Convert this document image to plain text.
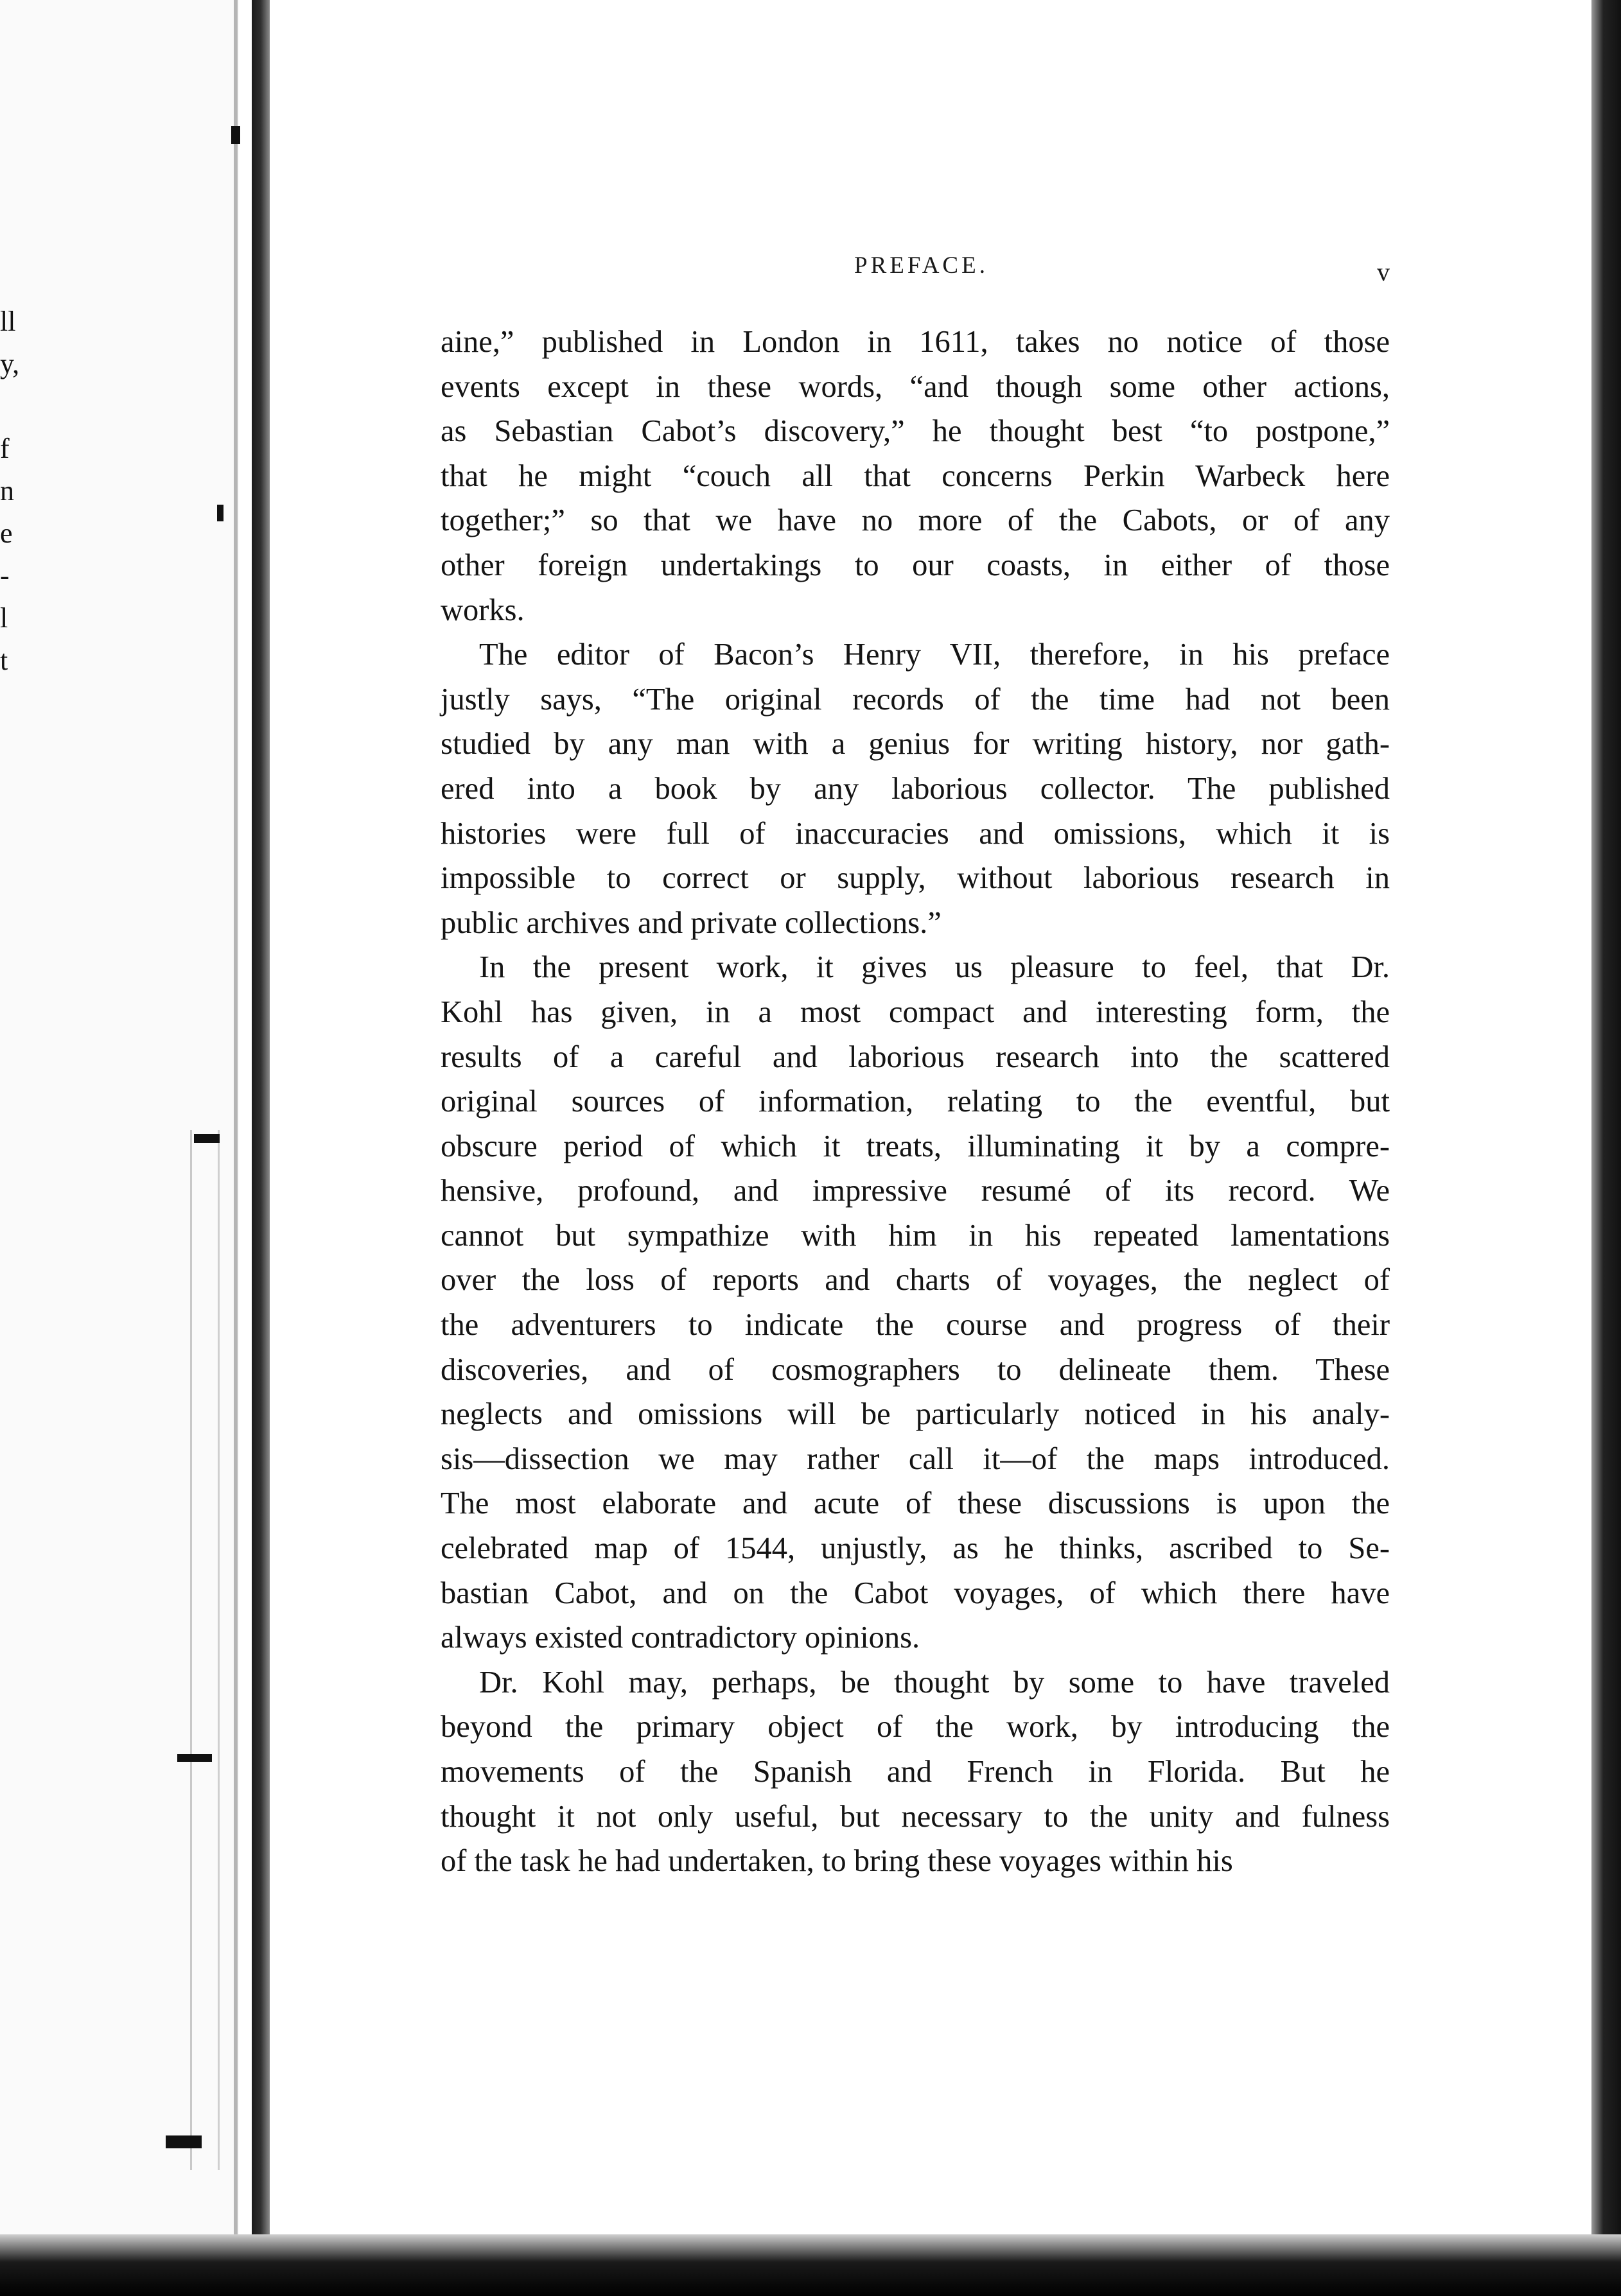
ll
y,
f
n
e
-
l
t
PREFACE.	v
aine,” published in London in 1611, takes no notice of those
events except in these words, “and though some other actions,
as Sebastian Cabot’s discovery,” he thought best “to postpone,”
that he might “couch all that concerns Perkin Warbeck here
together;” so that we have no more of the Cabots, or of any
other foreign undertakings to our coasts, in either of those
works.
The editor of Bacon’s Henry VII, therefore, in his preface
justly says, “The original records of the time had not been
studied by any man with a genius for writing history, nor gath-
ered into a book by any laborious collector. The published
histories were full of inaccuracies and omissions, which it is
impossible to correct or supply, without laborious research in
public archives and private collections.”
In the present work, it gives us pleasure to feel, that Dr.
Kohl has given, in a most compact and interesting form, the
results of a careful and laborious research into the scattered
original sources of information, relating to the eventful, but
obscure period of which it treats, illuminating it by a compre-
hensive, profound, and impressive resumé of its record. We
cannot but sympathize with him in his repeated lamentations
over the loss of reports and charts of voyages, the neglect of
the adventurers to indicate the course and progress of their
discoveries, and of cosmographers to delineate them. These
neglects and omissions will be particularly noticed in his analy-
sis—dissection we may rather call it—of the maps introduced.
The most elaborate and acute of these discussions is upon the
celebrated map of 1544, unjustly, as he thinks, ascribed to Se-
bastian Cabot, and on the Cabot voyages, of which there have
always existed contradictory opinions.
Dr. Kohl may, perhaps, be thought by some to have traveled
beyond the primary object of the work, by introducing the
movements of the Spanish and French in Florida. But he
thought it not only useful, but necessary to the unity and fulness
of the task he had undertaken, to bring these voyages within his
